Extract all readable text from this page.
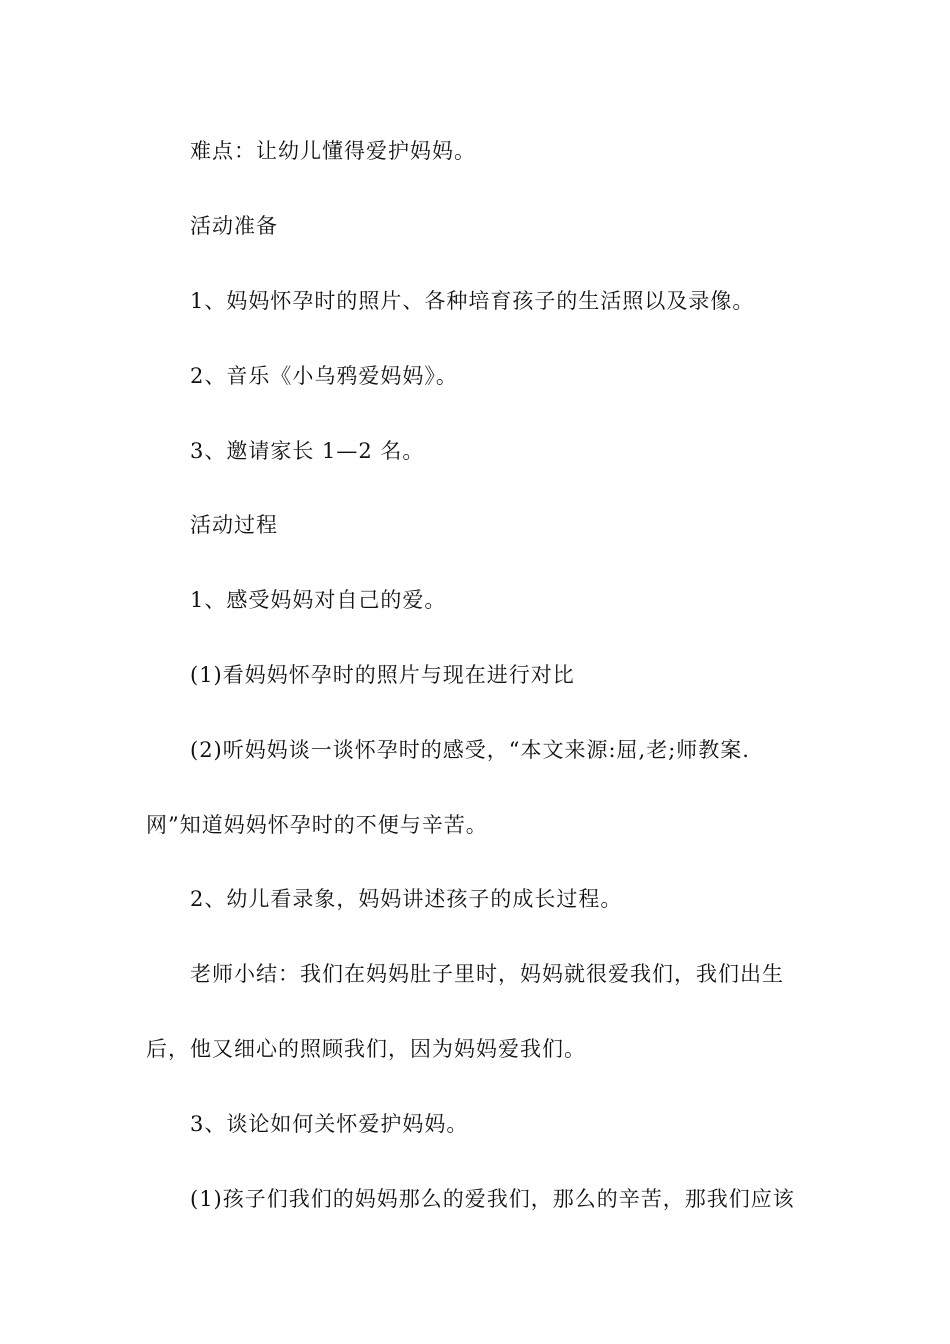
难点：让幼儿懂得爱护妈妈。
活动准备
1、妈妈怀孕时的照片、各种培育孩子的生活照以及录像。
2、音乐《小乌鸦爱妈妈》。
3、邀请家长 1—2 名。
活动过程
1、感受妈妈对自己的爱。
(1)看妈妈怀孕时的照片与现在进行对比
(2)听妈妈谈一谈怀孕时的感受，“本文来源:屈,老;师教案.
网”知道妈妈怀孕时的不便与辛苦。
2、幼儿看录象，妈妈讲述孩子的成长过程。
老师小结：我们在妈妈肚子里时，妈妈就很爱我们，我们出生
后，他又细心的照顾我们，因为妈妈爱我们。
3、谈论如何关怀爱护妈妈。
(1)孩子们我们的妈妈那么的爱我们，那么的辛苦，那我们应该
